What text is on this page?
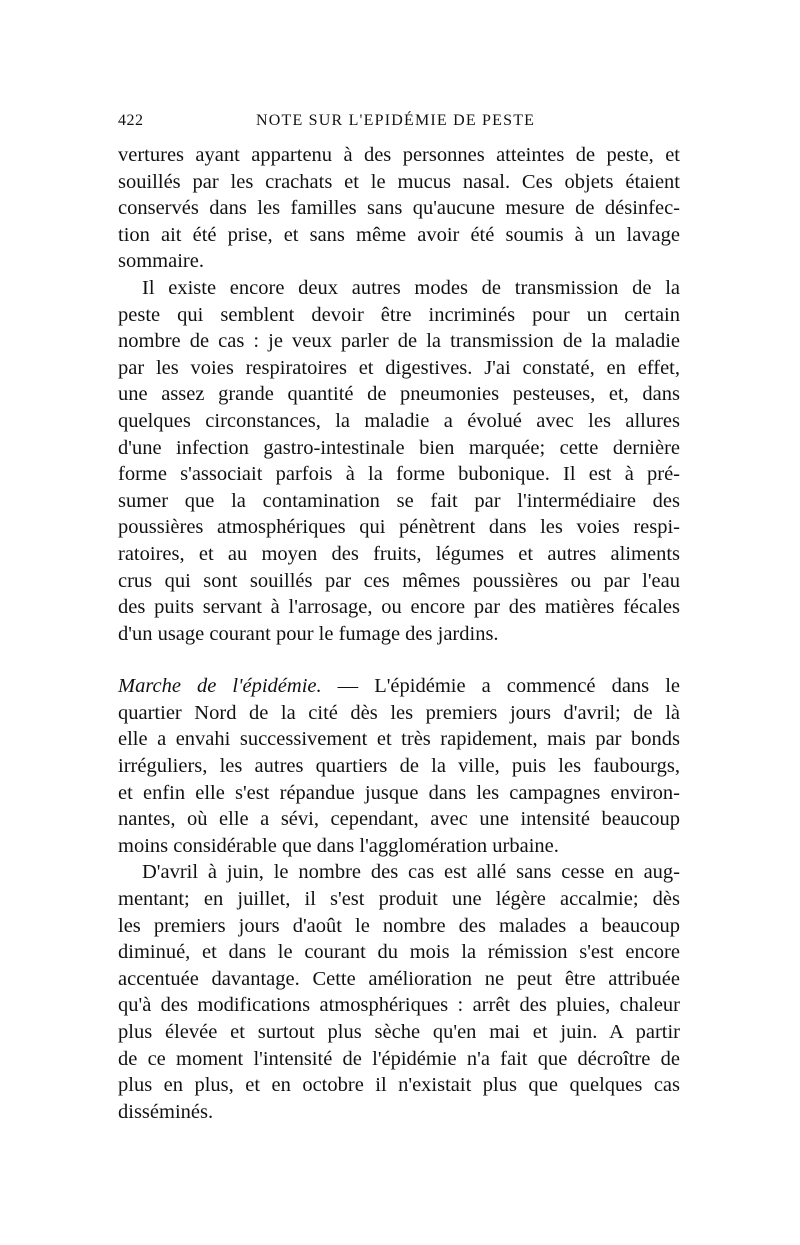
422	NOTE SUR L'EPIDÉMIE DE PESTE
vertures ayant appartenu à des personnes atteintes de peste, et
souillés par les crachats et le mucus nasal. Ces objets étaient
conservés dans les familles sans qu'aucune mesure de désinfec-
tion ait été prise, et sans même avoir été soumis à un lavage
sommaire.
Il existe encore deux autres modes de transmission de la
peste qui semblent devoir être incriminés pour un certain
nombre de cas : je veux parler de la transmission de la maladie
par les voies respiratoires et digestives. J'ai constaté, en effet,
une assez grande quantité de pneumonies pesteuses, et, dans
quelques circonstances, la maladie a évolué avec les allures
d'une infection gastro-intestinale bien marquée; cette dernière
forme s'associait parfois à la forme bubonique. Il est à pré-
sumer que la contamination se fait par l'intermédiaire des
poussières atmosphériques qui pénètrent dans les voies respi-
ratoires, et au moyen des fruits, légumes et autres aliments
crus qui sont souillés par ces mêmes poussières ou par l'eau
des puits servant à l'arrosage, ou encore par des matières fécales
d'un usage courant pour le fumage des jardins.
Marche de l'épidémie. — L'épidémie a commencé dans le
quartier Nord de la cité dès les premiers jours d'avril; de là
elle a envahi successivement et très rapidement, mais par bonds
irréguliers, les autres quartiers de la ville, puis les faubourgs,
et enfin elle s'est répandue jusque dans les campagnes environ-
nantes, où elle a sévi, cependant, avec une intensité beaucoup
moins considérable que dans l'agglomération urbaine.
D'avril à juin, le nombre des cas est allé sans cesse en aug-
mentant; en juillet, il s'est produit une légère accalmie; dès
les premiers jours d'août le nombre des malades a beaucoup
diminué, et dans le courant du mois la rémission s'est encore
accentuée davantage. Cette amélioration ne peut être attribuée
qu'à des modifications atmosphériques : arrêt des pluies, chaleur
plus élevée et surtout plus sèche qu'en mai et juin. A partir
de ce moment l'intensité de l'épidémie n'a fait que décroître de
plus en plus, et en octobre il n'existait plus que quelques cas
disséminés.
